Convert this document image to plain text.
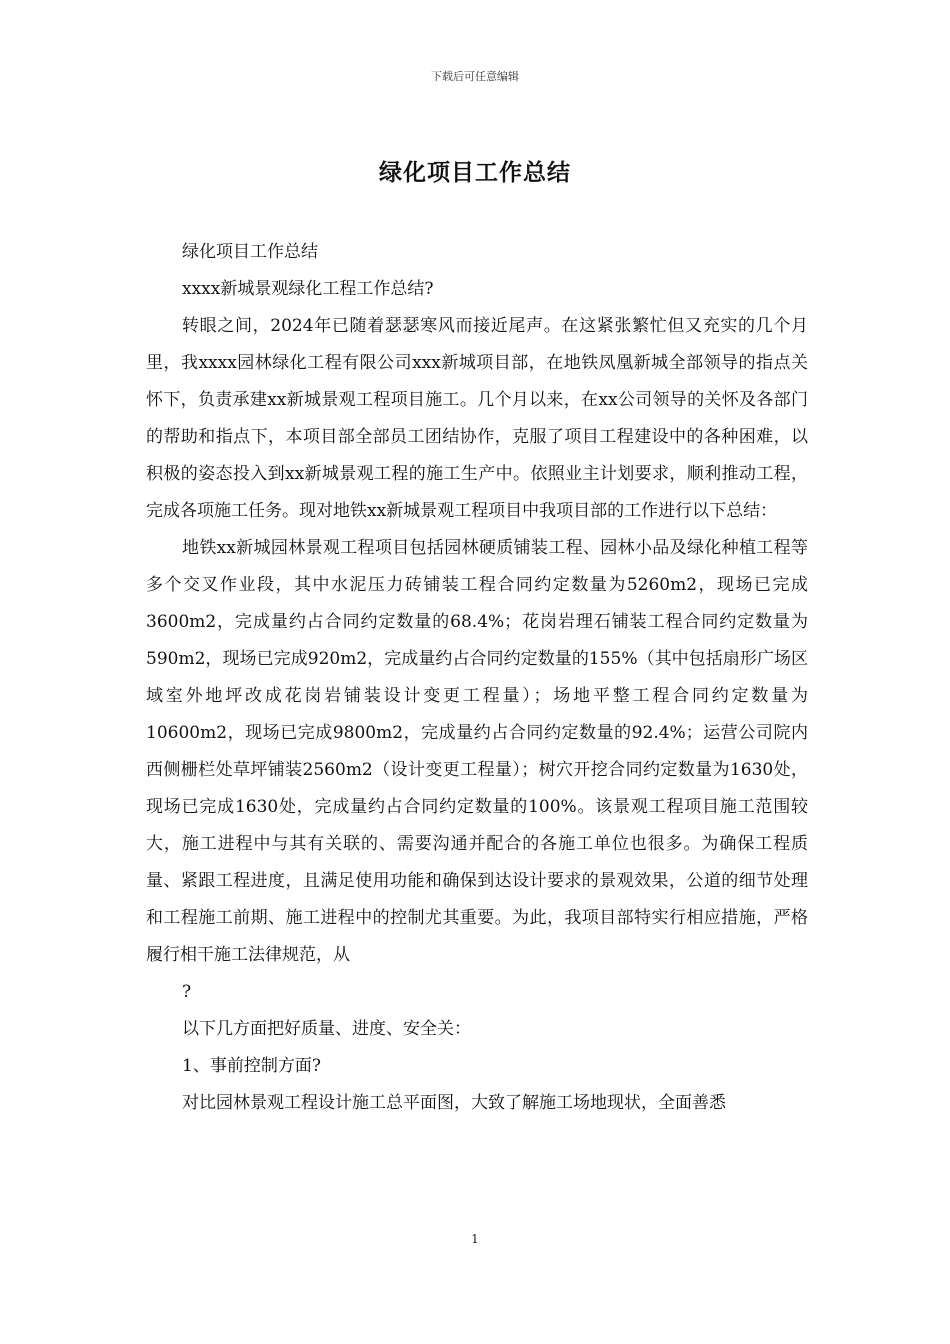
下载后可任意编辑
绿化项目工作总结

绿化项目工作总结

xxxx新城景观绿化工程工作总结?

转眼之间，2024年已随着瑟瑟寒风而接近尾声。在这紧张繁忙但又充实的几个月里，我xxxx园林绿化工程有限公司xxx新城项目部，在地铁凤凰新城全部领导的指点关怀下，负责承建xx新城景观工程项目施工。几个月以来，在xx公司领导的关怀及各部门的帮助和指点下，本项目部全部员工团结协作，克服了项目工程建设中的各种困难，以积极的姿态投入到xx新城景观工程的施工生产中。依照业主计划要求，顺利推动工程，完成各项施工任务。现对地铁xx新城景观工程项目中我项目部的工作进行以下总结：

地铁xx新城园林景观工程项目包括园林硬质铺装工程、园林小品及绿化种植工程等多个交叉作业段，其中水泥压力砖铺装工程合同约定数量为5260m2，现场已完成3600m2，完成量约占合同约定数量的68.4%；花岗岩理石铺装工程合同约定数量为590m2，现场已完成920m2，完成量约占合同约定数量的155%（其中包括扇形广场区域室外地坪改成花岗岩铺装设计变更工程量）；场地平整工程合同约定数量为10600m2，现场已完成9800m2，完成量约占合同约定数量的92.4%；运营公司院内西侧栅栏处草坪铺装2560m2（设计变更工程量）；树穴开挖合同约定数量为1630处，现场已完成1630处，完成量约占合同约定数量的100%。该景观工程项目施工范围较大，施工进程中与其有关联的、需要沟通并配合的各施工单位也很多。为确保工程质量、紧跟工程进度，且满足使用功能和确保到达设计要求的景观效果，公道的细节处理和工程施工前期、施工进程中的控制尤其重要。为此，我项目部特实行相应措施，严格履行相干施工法律规范，从

?

以下几方面把好质量、进度、安全关：

1、事前控制方面?

对比园林景观工程设计施工总平面图，大致了解施工场地现状，全面善悉

1
